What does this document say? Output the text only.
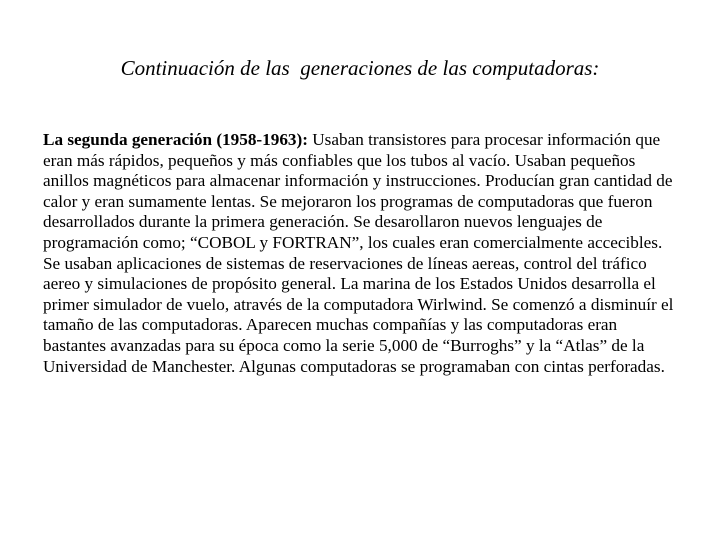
Continuación de las  generaciones de las computadoras:

La segunda generación (1958-1963): Usaban transistores para procesar información que eran más rápidos, pequeños y más confiables que los tubos al vacío. Usaban pequeños anillos magnéticos para almacenar información y instrucciones. Producían gran cantidad de calor y eran sumamente lentas. Se mejoraron los programas de computadoras que fueron desarrollados durante la primera generación. Se desarollaron nuevos lenguajes de programación como; “COBOL y FORTRAN”, los cuales eran comercialmente accecibles. Se usaban aplicaciones de sistemas de reservaciones de líneas aereas, control del tráfico aereo y simulaciones de propósito general. La marina de los Estados Unidos desarrolla el primer simulador de vuelo, através de la computadora Wirlwind. Se comenzó a disminuír el tamaño de las computadoras. Aparecen muchas compañías y las computadoras eran bastantes avanzadas para su época como la serie 5,000 de “Burroghs” y la “Atlas” de la Universidad de Manchester. Algunas computadoras se programaban con cintas perforadas.
